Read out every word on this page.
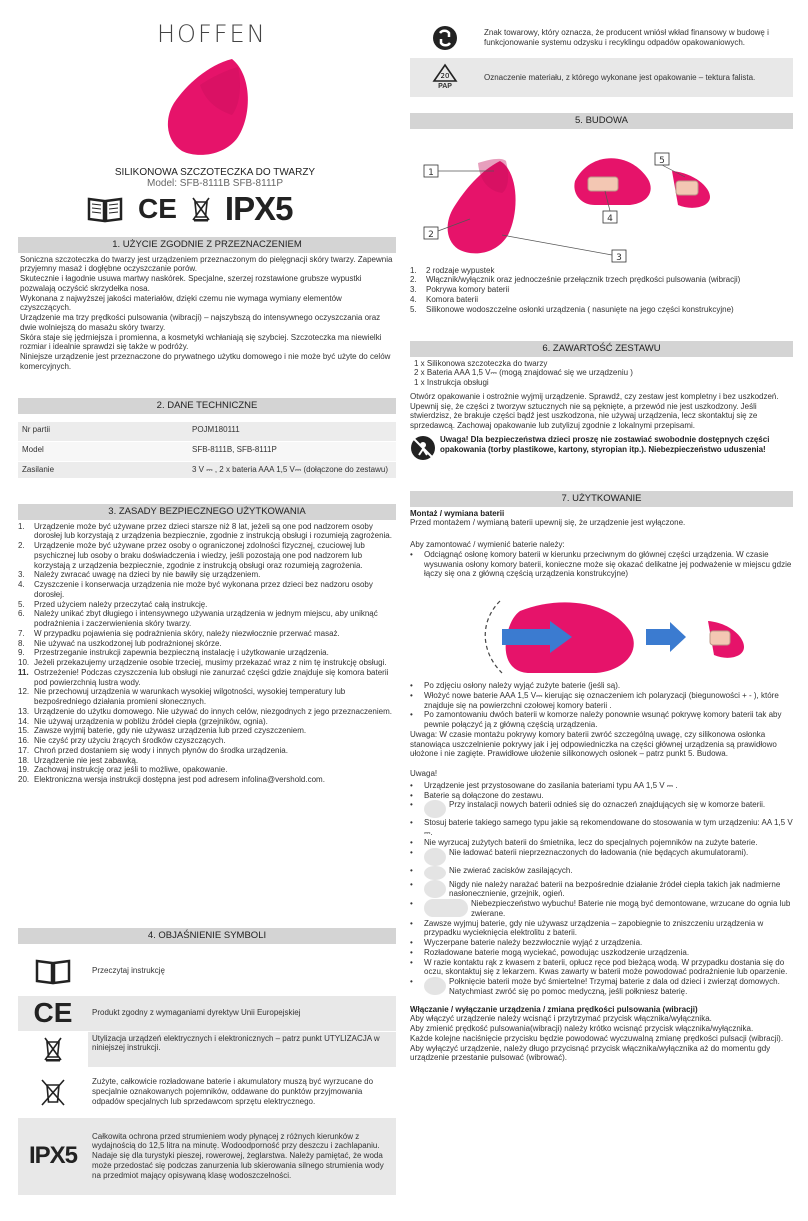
HOFFEN
SILIKONOWA SZCZOTECZKA DO TWARZY
Model: SFB-8111B SFB-8111P
CE IPX5
1. UŻYCIE ZGODNIE Z PRZEZNACZENIEM

Soniczna szczoteczka do twarzy jest urządzeniem przeznaczonym do pielęgnacji skóry twarzy. Zapewnia przyjemny masaż i dogłębne oczyszczanie porów.

Skutecznie i łagodnie usuwa martwy naskórek. Specjalne, szerzej rozstawione grubsze wypustki pozwalają oczyścić skrzydełka nosa.

Wykonana z najwyższej jakości materiałów, dzięki czemu nie wymaga wymiany elementów czyszczących.

Urządzenie ma trzy prędkości pulsowania (wibracji) – najszybszą do intensywnego oczyszczania oraz dwie wolniejszą do masażu skóry twarzy.

Skóra staje się jędrniejsza i promienna, a kosmetyki wchłaniają się szybciej. Szczoteczka ma niewielki rozmiar i idealnie sprawdzi się także w podróży.

Niniejsze urządzenie jest przeznaczone do prywatnego użytku domowego i nie może być użyte do celów komercyjnych.

2. DANE TECHNICZNE
Nr partii	POJM180111
Model	SFB-8111B, SFB-8111P
Zasilanie	3 V ⎓ , 2 x bateria AAA 1,5 V⎓ (dołączone do zestawu)
3. ZASADY BEZPIECZNEGO UŻYTKOWANIA
1.	Urządzenie może być używane przez dzieci starsze niż 8 lat, jeżeli są one pod nadzorem osoby dorosłej lub korzystają z urządzenia bezpiecznie, zgodnie z instrukcją obsługi i rozumieją zagrożenia.
2.	Urządzenie może być używane przez osoby o ograniczonej zdolności fizycznej, czuciowej lub psychicznej lub osoby o braku doświadczenia i wiedzy, jeśli pozostają one pod nadzorem lub korzystają z urządzenia bezpiecznie, zgodnie z instrukcją obsługi oraz rozumieją zagrożenia.
3.	Należy zwracać uwagę na dzieci by nie bawiły się urządzeniem.
4.	Czyszczenie i konserwacja urządzenia nie może być wykonana przez dzieci bez nadzoru osoby dorosłej.
5.	Przed użyciem należy przeczytać całą instrukcję.
6.	Należy unikać zbyt długiego i intensywnego używania urządzenia w jednym miejscu, aby uniknąć podrażnienia i zaczerwienienia skóry twarzy.
7.	W przypadku pojawienia się podrażnienia skóry, należy niezwłocznie przerwać masaż.
8.	Nie używać na uszkodzonej lub podrażnionej skórze.
9.	Przestrzeganie instrukcji zapewnia bezpieczną instalację i użytkowanie urządzenia.
10. Jeżeli przekazujemy urządzenie osobie trzeciej, musimy przekazać wraz z nim tę instrukcję obsługi.
11. Ostrzeżenie! Podczas czyszczenia lub obsługi nie zanurzać części gdzie znajduje się komora baterii pod powierzchnią lustra wody.
12. Nie przechowuj urządzenia w warunkach wysokiej wilgotności, wysokiej temperatury lub bezpośredniego działania promieni słonecznych.
13. Urządzenie do użytku domowego. Nie używać do innych celów, niezgodnych z jego przeznaczeniem.
14. Nie używaj urządzenia w pobliżu źródeł ciepła (grzejników, ognia).
15. Zawsze wyjmij baterie, gdy nie używasz urządzenia lub przed czyszczeniem.
16. Nie czyść przy użyciu żrących środków czyszczących.
17. Chroń przed dostaniem się wody i innych płynów do środka urządzenia.
18. Urządzenie nie jest zabawką.
19. Zachowaj instrukcję oraz jeśli to możliwe, opakowanie.
20. Elektroniczna wersja instrukcji dostępna jest pod adresem infolina@vershold.com.
4. OBJAŚNIENIE SYMBOLI
Przeczytaj instrukcję
CE	Produkt zgodny z wymaganiami dyrektyw Unii Europejskiej
Utylizacja urządzeń elektrycznych i elektronicznych – patrz punkt UTYLIZACJA w niniejszej instrukcji.
Zużyte, całkowicie rozładowane baterie i akumulatory muszą być wyrzucane do specjalnie oznakowanych pojemników, oddawane do punktów przyjmowania odpadów specjalnych lub sprzedawcom sprzętu elektrycznego.
IPX5
Całkowita ochrona przed strumieniem wody płynącej z różnych kierunków z wydajnością do 12,5 litra na minutę. Wodoodporność przy deszczu i zachlapaniu. Nadaje się dla turystyki pieszej, rowerowej, żeglarstwa. Należy pamiętać, że woda może przedostać się podczas zanurzenia lub skierowania silnego strumienia wody na przedmiot mający opisywaną klasę wodoszczelności.
Znak towarowy, który oznacza, że producent wniósł wkład finansowy w budowę i funkcjonowanie systemu odzysku i recyklingu odpadów opakowaniowych.
20
PAP
Oznaczenie materiału, z którego wykonane jest opakowanie – tektura falista.
5. BUDOWA
1
2
3
4
5
1.	2 rodzaje wypustek
2.	Włącznik/wyłącznik oraz jednocześnie przełącznik trzech prędkości pulsowania (wibracji)
3.	Pokrywa komory baterii
4.	Komora baterii
5.	Silikonowe wodoszczelne osłonki urządzenia ( nasunięte na jego części konstrukcyjne)
6. ZAWARTOŚĆ ZESTAWU
1 x Silikonowa szczoteczka do twarzy
2 x Bateria AAA 1,5 V⎓ (mogą znajdować się we urządzeniu )
1 x Instrukcja obsługi

Otwórz opakowanie i ostrożnie wyjmij urządzenie. Sprawdź, czy zestaw jest kompletny i bez uszkodzeń. Upewnij się, że części z tworzyw sztucznych nie są pęknięte, a przewód nie jest uszkodzony. Jeśli stwierdzisz, że brakuje części bądź jest uszkodzona, nie używaj urządzenia, lecz skontaktuj się ze sprzedawcą. Zachowaj opakowanie lub zutylizuj zgodnie z lokalnymi przepisami.

Uwaga! Dla bezpieczeństwa dzieci proszę nie zostawiać swobodnie dostępnych części opakowania (torby plastikowe, kartony, styropian itp.). Niebezpieczeństwo uduszenia!
7. UŻYTKOWANIE
Montaż / wymiana baterii

Przed montażem / wymianą baterii upewnij się, że urządzenie jest wyłączone.

Aby zamontować / wymienić baterie należy:

•	Odciągnąć osłonę komory baterii w kierunku przeciwnym do głównej części urządzenia. W czasie wysuwania osłony komory baterii, konieczne może się okazać delikatne jej podważenie w miejscu gdzie łączy się ona z główną częścią urządzenia konstrukcyjne)
•	Po zdjęciu osłony należy wyjąć zużyte baterie (jeśli są).
•	Włożyć nowe baterie AAA 1,5 V⎓ kierując się oznaczeniem ich polaryzacji (biegunowości + - ), które znajduje się na powierzchni czołowej komory baterii .
•	Po zamontowaniu dwóch baterii w komorze należy ponownie wsunąć pokrywę komory baterii tak aby pewnie połączyć ją z główną częścią urządzenia.

Uwaga: W czasie montażu pokrywy komory baterii zwróć szczególną uwagę, czy silikonowa osłonka stanowiąca uszczelnienie pokrywy jak i jej odpowiedniczka na części głównej urządzenia są prawidłowo ułożone i nie zagięte. Prawidłowe ułożenie silikonowych osłonek – patrz punkt 5. Budowa.

Uwaga!
•	Urządzenie jest przystosowane do zasilania bateriami typu AA 1,5 V ⎓ .
•	Baterie są dołączone do zestawu.
•	Przy instalacji nowych baterii odnieś się do oznaczeń znajdujących się w komorze baterii.
•	Stosuj baterie takiego samego typu jakie są rekomendowane do stosowania w tym urządzeniu: AA 1,5 V ⎓.
•	Nie wyrzucaj zużytych baterii do śmietnika, lecz do specjalnych pojemników na zużyte baterie.
•	Nie ładować baterii nieprzeznaczonych do ładowania (nie będących akumulatorami).
•	Nie zwierać zacisków zasilających.
•	Nigdy nie należy narażać baterii na bezpośrednie działanie źródeł ciepła takich jak nadmierne nasłonecznienie, grzejnik, ogień.
•	Niebezpieczeństwo wybuchu! Baterie nie mogą być demontowane, wrzucane do ognia lub zwierane.
•	Zawsze wyjmuj baterie, gdy nie używasz urządzenia – zapobiegnie to zniszczeniu urządzenia w przypadku wycieknięcia elektrolitu z baterii.
•	Wyczerpane baterie należy bezzwłocznie wyjąć z urządzenia.
•	Rozładowane baterie mogą wyciekać, powodując uszkodzenie urządzenia.
•	W razie kontaktu rąk z kwasem z baterii, opłucz ręce pod bieżącą wodą. W przypadku dostania się do oczu, skontaktuj się z lekarzem. Kwas zawarty w baterii może powodować podrażnienie lub oparzenie.
•	Połknięcie baterii może być śmiertelne! Trzymaj baterie z dala od dzieci i zwierząt domowych. Natychmiast zwróć się po pomoc medyczną, jeśli połkniesz baterię.
Włączanie / wyłączanie urządzenia / zmiana prędkości pulsowania (wibracji)

Aby włączyć urządzenie należy wcisnąć i przytrzymać przycisk włącznika/wyłącznika.

Aby zmienić prędkość pulsowania(wibracji) należy krótko wcisnąć przycisk włącznika/wyłącznika.

Każde kolejne naciśnięcie przycisku będzie powodować wyczuwalną zmianę prędkości pulsacji (wibracji).

Aby wyłączyć urządzenie, należy długo przycisnąć przycisk włącznika/wyłącznika aż do momentu gdy urządzenie przestanie pulsować (wibrować).
